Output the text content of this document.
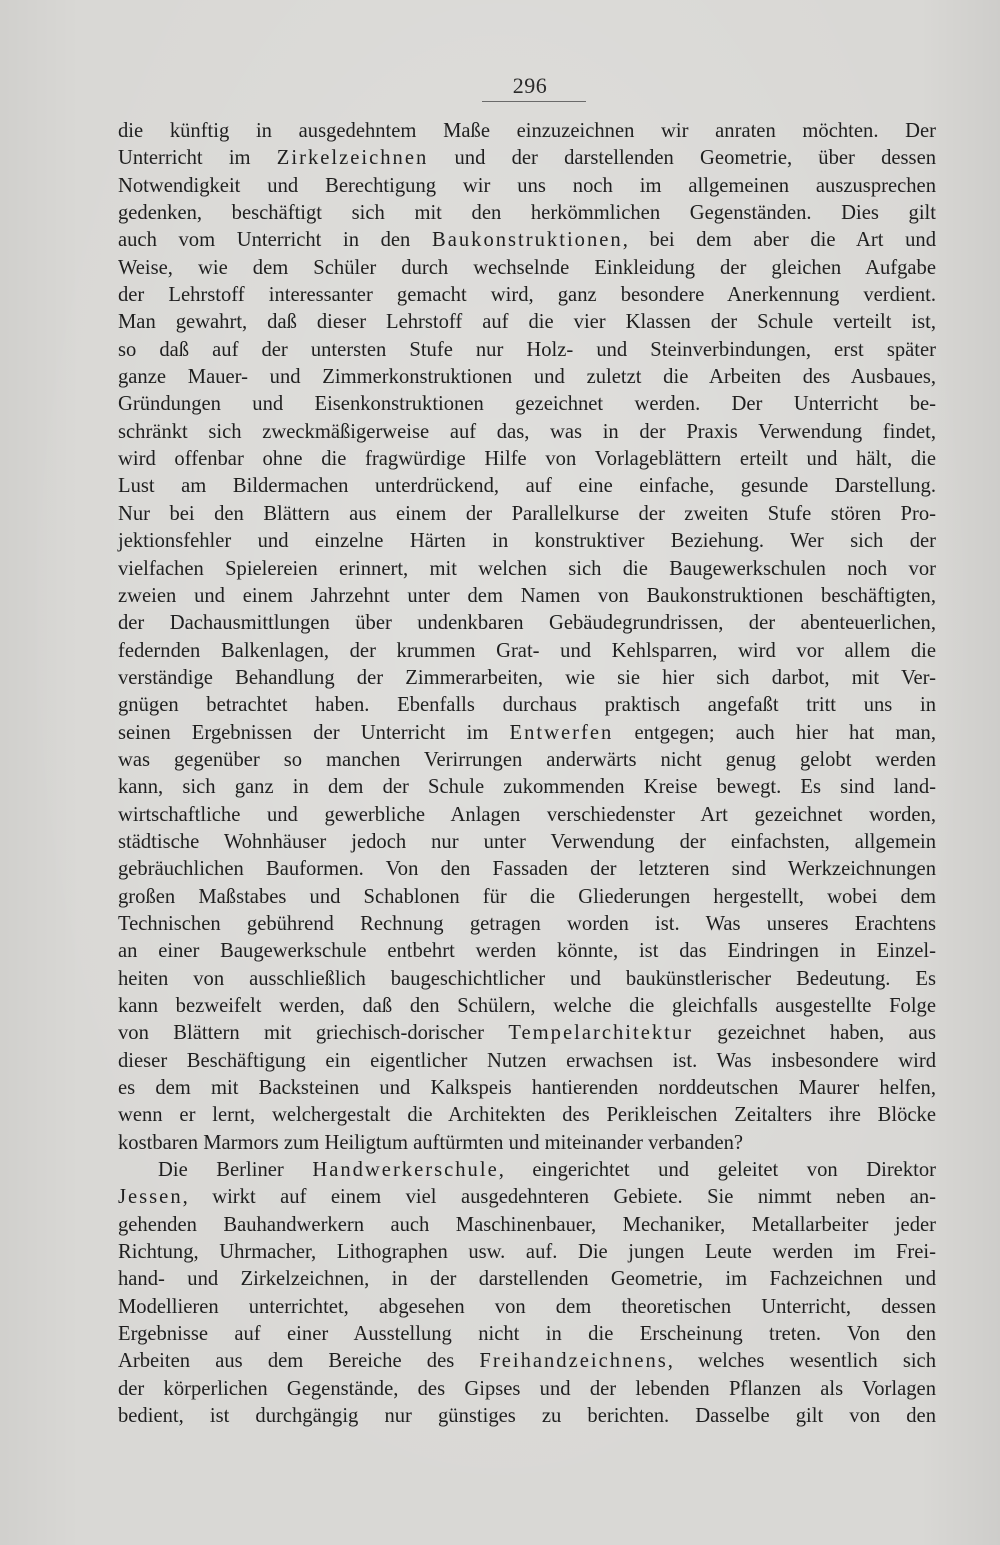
296
die künftig in ausgedehntem Maße einzuzeichnen wir anraten möchten. Der
Unterricht im Zirkelzeichnen und der darstellenden Geometrie, über dessen
Notwendigkeit und Berechtigung wir uns noch im allgemeinen auszusprechen
gedenken, beschäftigt sich mit den herkömmlichen Gegenständen. Dies gilt
auch vom Unterricht in den Baukonstruktionen, bei dem aber die Art und
Weise, wie dem Schüler durch wechselnde Einkleidung der gleichen Aufgabe
der Lehrstoff interessanter gemacht wird, ganz besondere Anerkennung verdient.
Man gewahrt, daß dieser Lehrstoff auf die vier Klassen der Schule verteilt ist,
so daß auf der untersten Stufe nur Holz- und Steinverbindungen, erst später
ganze Mauer- und Zimmerkonstruktionen und zuletzt die Arbeiten des Ausbaues,
Gründungen und Eisenkonstruktionen gezeichnet werden. Der Unterricht be-
schränkt sich zweckmäßigerweise auf das, was in der Praxis Verwendung findet,
wird offenbar ohne die fragwürdige Hilfe von Vorlageblättern erteilt und hält, die
Lust am Bildermachen unterdrückend, auf eine einfache, gesunde Darstellung.
Nur bei den Blättern aus einem der Parallelkurse der zweiten Stufe stören Pro-
jektionsfehler und einzelne Härten in konstruktiver Beziehung. Wer sich der
vielfachen Spielereien erinnert, mit welchen sich die Baugewerkschulen noch vor
zweien und einem Jahrzehnt unter dem Namen von Baukonstruktionen beschäftigten,
der Dachausmittlungen über undenkbaren Gebäudegrundrissen, der abenteuerlichen,
federnden Balkenlagen, der krummen Grat- und Kehlsparren, wird vor allem die
verständige Behandlung der Zimmerarbeiten, wie sie hier sich darbot, mit Ver-
gnügen betrachtet haben. Ebenfalls durchaus praktisch angefaßt tritt uns in
seinen Ergebnissen der Unterricht im Entwerfen entgegen; auch hier hat man,
was gegenüber so manchen Verirrungen anderwärts nicht genug gelobt werden
kann, sich ganz in dem der Schule zukommenden Kreise bewegt. Es sind land-
wirtschaftliche und gewerbliche Anlagen verschiedenster Art gezeichnet worden,
städtische Wohnhäuser jedoch nur unter Verwendung der einfachsten, allgemein
gebräuchlichen Bauformen. Von den Fassaden der letzteren sind Werkzeichnungen
großen Maßstabes und Schablonen für die Gliederungen hergestellt, wobei dem
Technischen gebührend Rechnung getragen worden ist. Was unseres Erachtens
an einer Baugewerkschule entbehrt werden könnte, ist das Eindringen in Einzel-
heiten von ausschließlich baugeschichtlicher und baukünstlerischer Bedeutung. Es
kann bezweifelt werden, daß den Schülern, welche die gleichfalls ausgestellte Folge
von Blättern mit griechisch-dorischer Tempelarchitektur gezeichnet haben, aus
dieser Beschäftigung ein eigentlicher Nutzen erwachsen ist. Was insbesondere wird
es dem mit Backsteinen und Kalkspeis hantierenden norddeutschen Maurer helfen,
wenn er lernt, welchergestalt die Architekten des Perikleischen Zeitalters ihre Blöcke
kostbaren Marmors zum Heiligtum auftürmten und miteinander verbanden?
Die Berliner Handwerkerschule, eingerichtet und geleitet von Direktor
Jessen, wirkt auf einem viel ausgedehnteren Gebiete. Sie nimmt neben an-
gehenden Bauhandwerkern auch Maschinenbauer, Mechaniker, Metallarbeiter jeder
Richtung, Uhrmacher, Lithographen usw. auf. Die jungen Leute werden im Frei-
hand- und Zirkelzeichnen, in der darstellenden Geometrie, im Fachzeichnen und
Modellieren unterrichtet, abgesehen von dem theoretischen Unterricht, dessen
Ergebnisse auf einer Ausstellung nicht in die Erscheinung treten. Von den
Arbeiten aus dem Bereiche des Freihandzeichnens, welches wesentlich sich
der körperlichen Gegenstände, des Gipses und der lebenden Pflanzen als Vorlagen
bedient, ist durchgängig nur günstiges zu berichten. Dasselbe gilt von den
